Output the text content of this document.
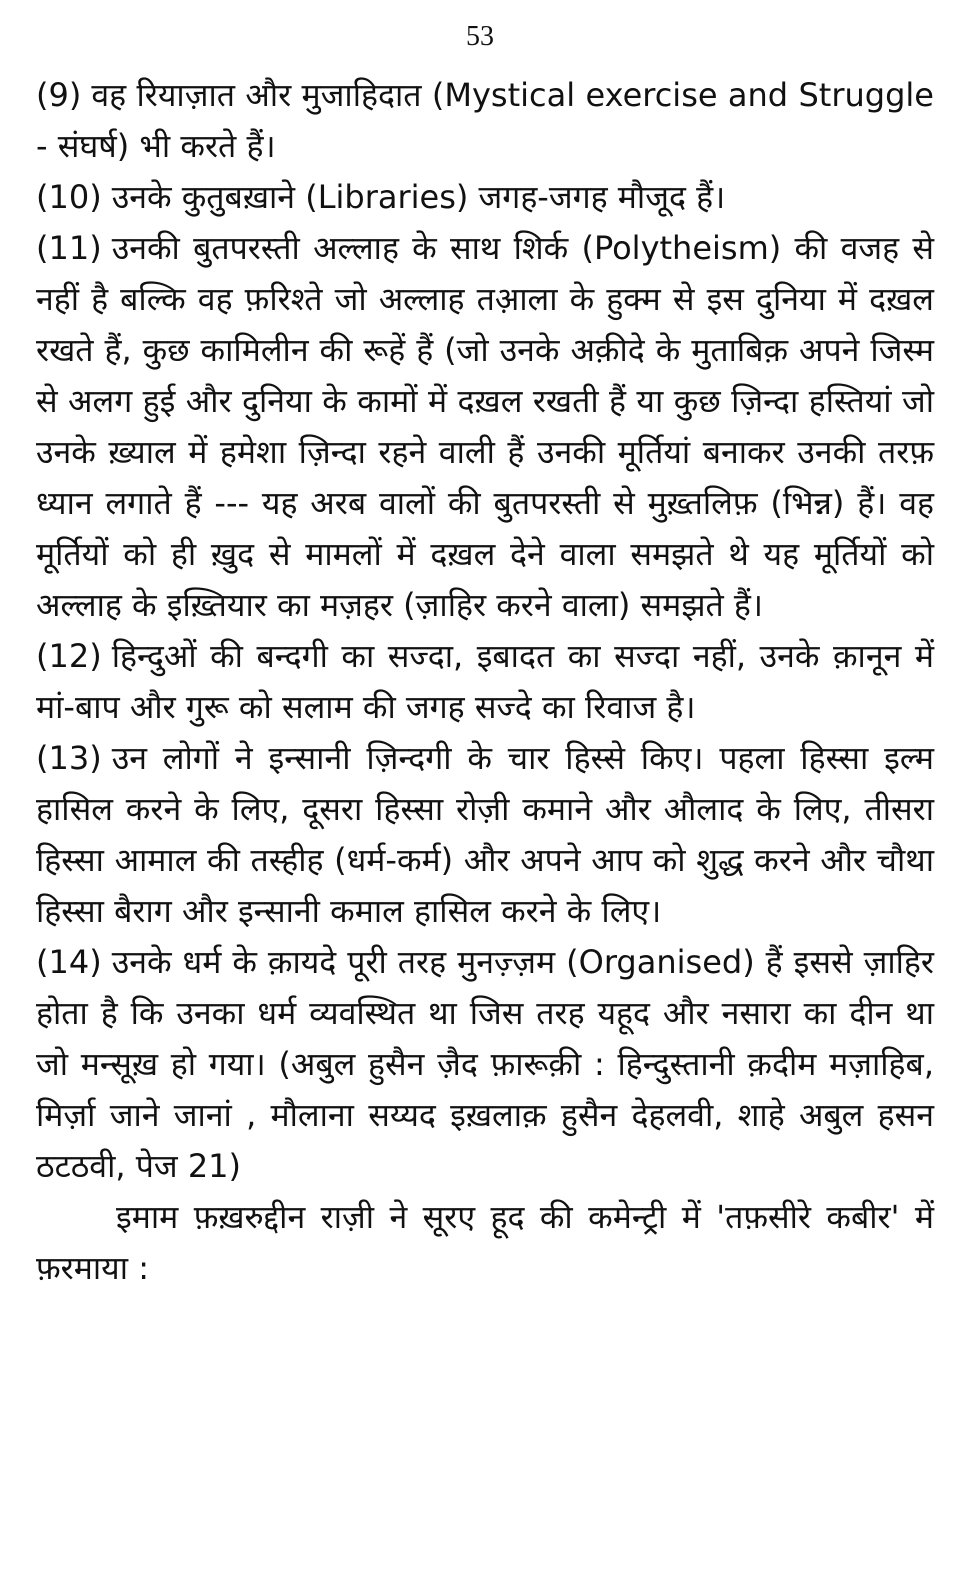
53

(9) वह रियाज़ात और मुजाहिदात (Mystical exercise and Struggle - संघर्ष) भी करते हैं।

(10) उनके कुतुबख़ाने (Libraries) जगह-जगह मौजूद हैं।

(11) उनकी बुतपरस्ती अल्लाह के साथ शिर्क (Polytheism) की वजह से नहीं है बल्कि वह फ़रिश्ते जो अल्लाह तआ़ला के हुक्म से इस दुनिया में दख़ल रखते हैं, कुछ कामिलीन की रूहें हैं (जो उनके अक़ीदे के मुताबिक़ अपने जिस्म से अलग हुई और दुनिया के कामों में दख़ल रखती हैं या कुछ ज़िन्दा हस्तियां जो उनके ख़्याल में हमेशा ज़िन्दा रहने वाली हैं उनकी मूर्तियां बनाकर उनकी तरफ़ ध्यान लगाते हैं --- यह अरब वालों की बुतपरस्ती से मुख़्तलिफ़ (भिन्न) हैं। वह मूर्तियों को ही ख़ुद से मामलों में दख़ल देने वाला समझते थे यह मूर्तियों को अल्लाह के इख़्तियार का मज़हर (ज़ाहिर करने वाला) समझते हैं।

(12) हिन्दुओं की बन्दगी का सज्दा, इबादत का सज्दा नहीं, उनके क़ानून में मां-बाप और गुरू को सलाम की जगह सज्दे का रिवाज है।

(13) उन लोगों ने इन्सानी ज़िन्दगी के चार हिस्से किए। पहला हिस्सा इल्म हासिल करने के लिए, दूसरा हिस्सा रोज़ी कमाने और औलाद के लिए, तीसरा हिस्सा आमाल की तस्हीह (धर्म-कर्म) और अपने आप को शुद्ध करने और चौथा हिस्सा बैराग और इन्सानी कमाल हासिल करने के लिए।

(14) उनके धर्म के क़ायदे पूरी तरह मुनज़्ज़म (Organised) हैं इससे ज़ाहिर होता है कि उनका धर्म व्यवस्थित था जिस तरह यहूद और नसारा का दीन था जो मन्सूख़ हो गया। (अबुल हुसैन ज़ैद फ़ारूक़ी : हिन्दुस्तानी क़दीम मज़ाहिब, मिर्ज़ा जाने जानां , मौलाना सय्यद इख़लाक़ हुसैन देहलवी, शाहे अबुल हसन ठटठवी, पेज 21)

इमाम फ़ख़रुद्दीन राज़ी ने सूरए हूद की कमेन्ट्री में 'तफ़सीरे कबीर' में फ़रमाया :
